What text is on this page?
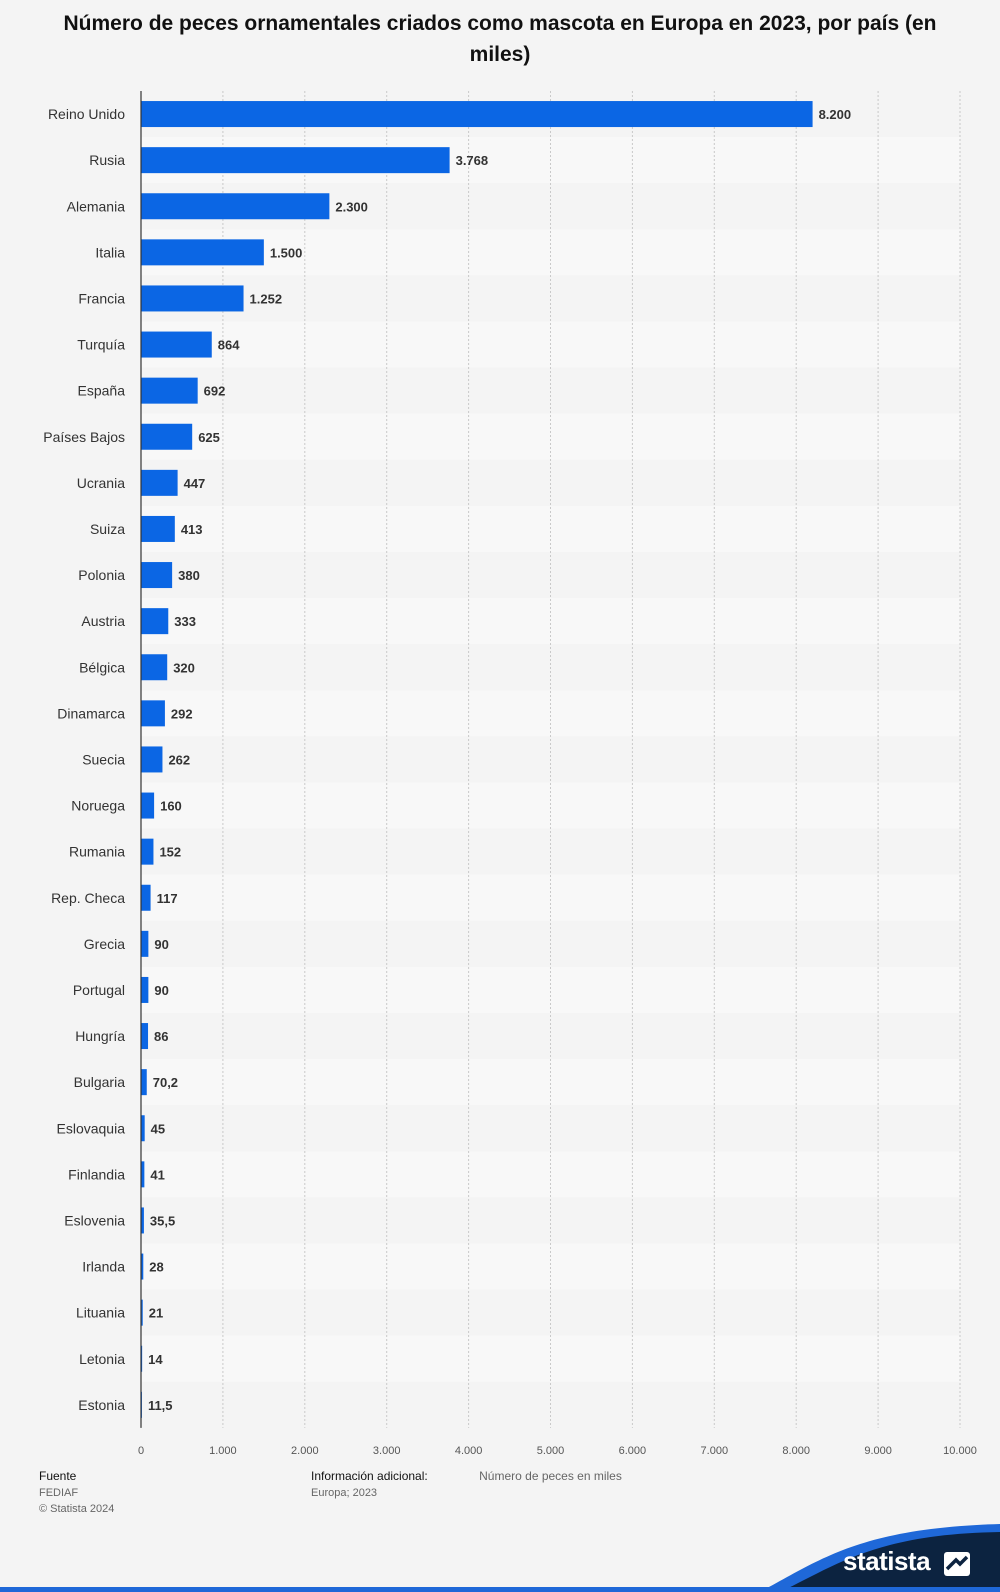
Número de peces ornamentales criados como mascota en Europa en 2023, por país (en miles)
0	1.000	2.000	3.000	4.000	5.000	6.000	7.000	8.000	9.000	10.000
Reino Unido	8.200
Rusia	3.768
Alemania	2.300
Italia	1.500
Francia	1.252
Turquía	864
España	692
Países Bajos	625
Ucrania	447
Suiza	413
Polonia	380
Austria	333
Bélgica	320
Dinamarca	292
Suecia	262
Noruega	160
Rumania	152
Rep. Checa 117
Grecia 90
Portugal 90
Hungría 86
Bulgaria 70,2
Eslovaquia 45
Finlandia 41
Eslovenia 35,5
Irlanda 28
Lituania 21
Letonia 14
Estonia 11,5
Número de peces en miles
Fuente
FEDIAF
© Statista 2024
Información adicional:
Europa; 2023
statista
